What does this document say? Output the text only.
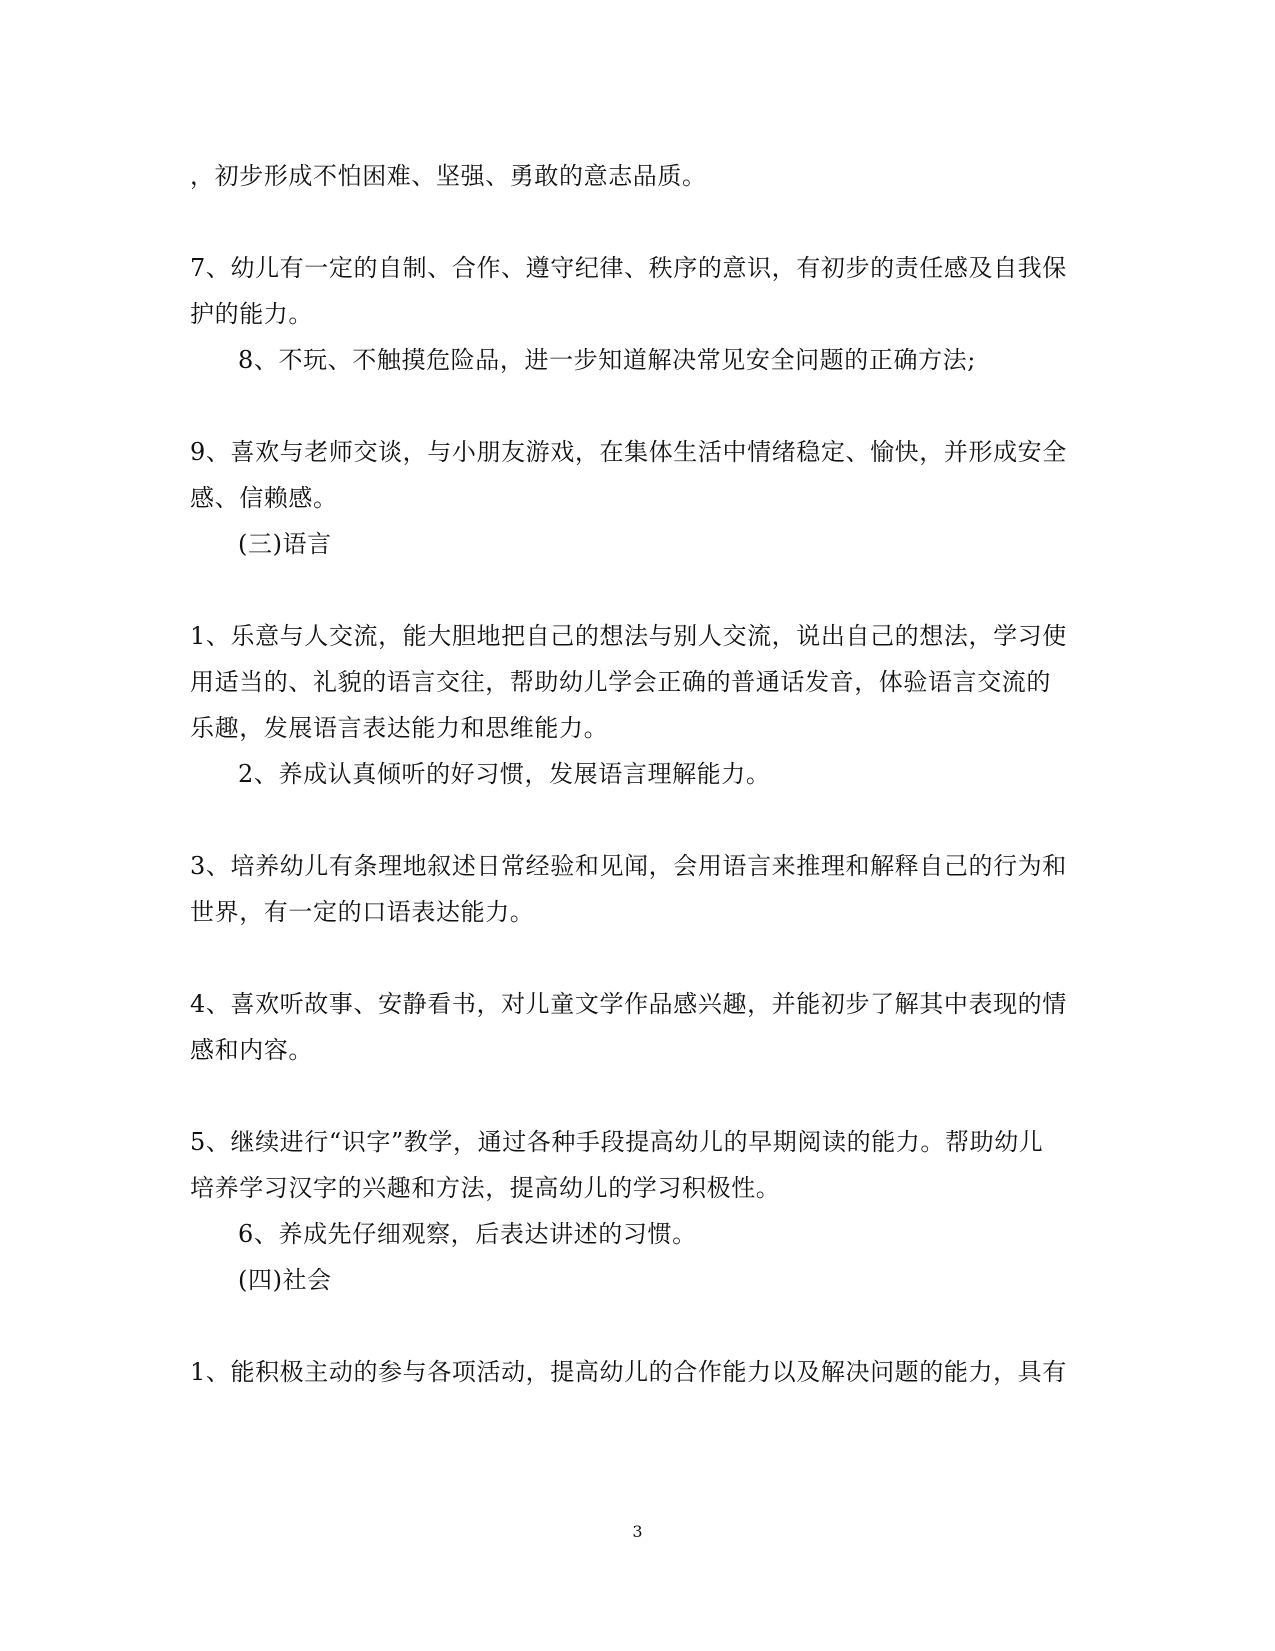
，初步形成不怕困难、坚强、勇敢的意志品质。

7、幼儿有一定的自制、合作、遵守纪律、秩序的意识，有初步的责任感及自我保

护的能力。

8、不玩、不触摸危险品，进一步知道解决常见安全问题的正确方法;

9、喜欢与老师交谈，与小朋友游戏，在集体生活中情绪稳定、愉快，并形成安全

感、信赖感。

(三)语言

1、乐意与人交流，能大胆地把自己的想法与别人交流，说出自己的想法，学习使

用适当的、礼貌的语言交往，帮助幼儿学会正确的普通话发音，体验语言交流的

乐趣，发展语言表达能力和思维能力。

2、养成认真倾听的好习惯，发展语言理解能力。

3、培养幼儿有条理地叙述日常经验和见闻，会用语言来推理和解释自己的行为和

世界，有一定的口语表达能力。

4、喜欢听故事、安静看书，对儿童文学作品感兴趣，并能初步了解其中表现的情

感和内容。

5、继续进行“识字”教学，通过各种手段提高幼儿的早期阅读的能力。帮助幼儿

培养学习汉字的兴趣和方法，提高幼儿的学习积极性。

6、养成先仔细观察，后表达讲述的习惯。

(四)社会

1、能积极主动的参与各项活动，提高幼儿的合作能力以及解决问题的能力，具有

3
